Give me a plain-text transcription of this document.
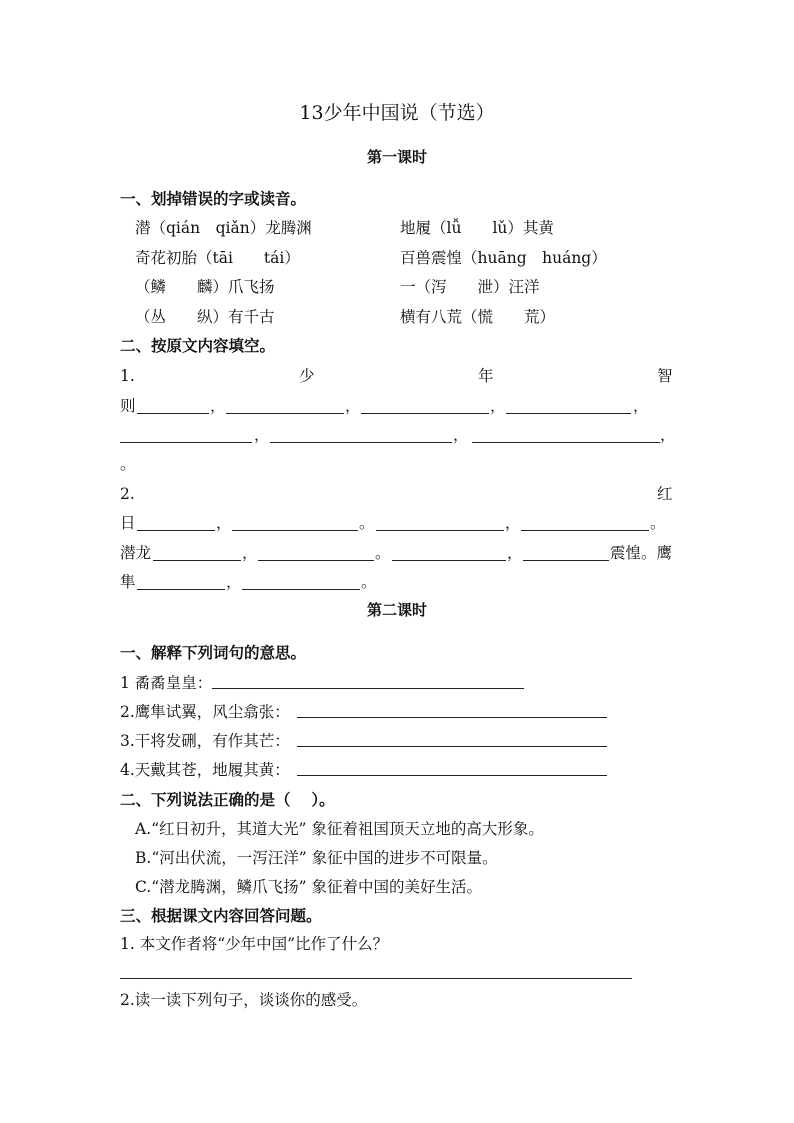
13少年中国说（节选）
第一课时
一、划掉错误的字或读音。
潜（qián　qiǎn）龙腾渊	地履（lǚ　　lǔ）其黄
奇花初胎（tāi　　tái）	百兽震惶（huāng　huáng）
（鳞　　麟）爪飞扬	一（泻　　泄）汪洋
（丛　　纵）有千古	横有八荒（慌　　荒）
二、按原文内容填空。
1.	少	年	智
则	，	，	，	，
，	，	，
。
2.	红
日	，	。	，	。
潜龙	，	。	，	震惶。鹰
隼	，	。
第二课时
一、解释下列词句的意思。
1 矞矞皇皇：
2.鹰隼试翼，风尘翕张：
3.干将发硎，有作其芒：
4.天戴其苍，地履其黄：
二、下列说法正确的是（　 ）。
A.“红日初升，其道大光” 象征着祖国顶天立地的高大形象。
B.“河出伏流，一泻汪洋” 象征中国的进步不可限量。
C.“潜龙腾渊，鳞爪飞扬” 象征着中国的美好生活。
三、根据课文内容回答问题。
1. 本文作者将“少年中国”比作了什么？
2.读一读下列句子，谈谈你的感受。
